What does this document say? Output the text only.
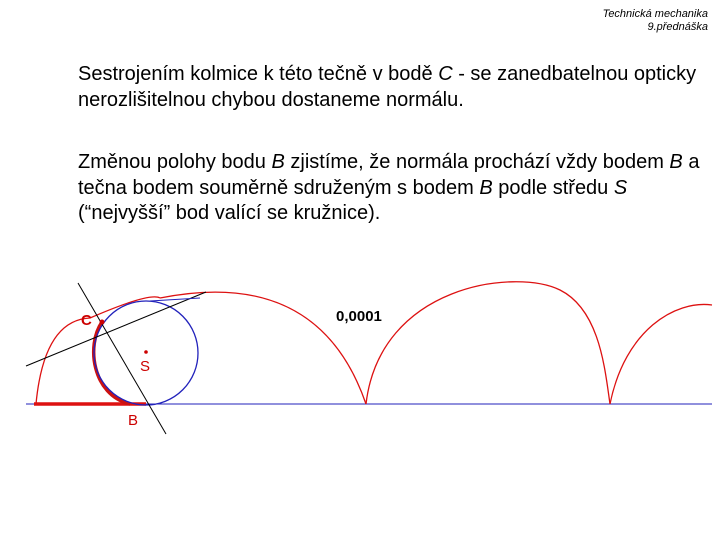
Technická mechanika
9.přednáška

Sestrojením kolmice k této tečně v bodě C - se zanedbatelnou opticky nerozlišitelnou chybou dostaneme normálu.

Změnou polohy bodu B zjistíme, že normála prochází vždy bodem B a tečna bodem souměrně sdruženým s bodem B podle středu S (“nejvyšší” bod valící se kružnice).

C
S
B
0,0001
